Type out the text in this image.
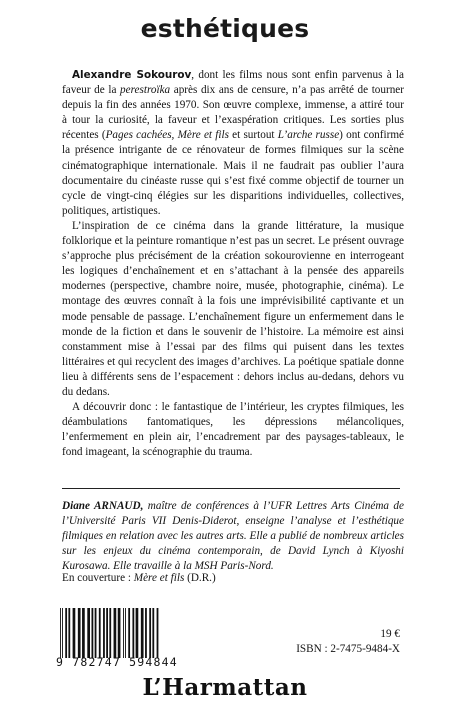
esthétiques

Alexandre Sokourov, dont les films nous sont enfin parvenus à la faveur de la perestroïka après dix ans de censure, n’a pas arrêté de tourner depuis la fin des années 1970. Son œuvre complexe, immense, a attiré tour à tour la curiosité, la faveur et l’exaspération critiques. Les sorties plus récentes (Pages cachées, Mère et fils et surtout L’arche russe) ont confirmé la présence intrigante de ce rénovateur de formes filmiques sur la scène cinématographique internationale. Mais il ne faudrait pas oublier l’aura documentaire du cinéaste russe qui s’est fixé comme objectif de tourner un cycle de vingt-cinq élégies sur les disparitions individuelles, collectives, politiques, artistiques.

L’inspiration de ce cinéma dans la grande littérature, la musique folklorique et la peinture romantique n’est pas un secret. Le présent ouvrage s’approche plus précisément de la création sokourovienne en interrogeant les logiques d’enchaînement et en s’attachant à la pensée des appareils modernes (perspective, chambre noire, musée, photographie, cinéma). Le montage des œuvres connaît à la fois une imprévisibilité captivante et un mode pensable de passage. L’enchaînement figure un enfermement dans le monde de la fiction et dans le souvenir de l’histoire. La mémoire est ainsi constamment mise à l’essai par des films qui puisent dans les textes littéraires et qui recyclent des images d’archives. La poétique spatiale donne lieu à différents sens de l’espacement : dehors inclus au-dedans, dehors vu du dedans.

A découvrir donc : le fantastique de l’intérieur, les cryptes filmiques, les déambulations fantomatiques, les dépressions mélancoliques, l’enfermement en plein air, l’encadrement par des paysages-tableaux, le fond imageant, la scénographie du trauma.

Diane ARNAUD, maître de conférences à l’UFR Lettres Arts Cinéma de l’Université Paris VII Denis-Diderot, enseigne l’analyse et l’esthétique filmiques en relation avec les autres arts. Elle a publié de nombreux articles sur les enjeux du cinéma contemporain, de David Lynch à Kiyoshi Kurosawa. Elle travaille à la MSH Paris-Nord.
En couverture : Mère et fils (D.R.)
9 782747 594844
19 €
ISBN : 2-7475-9484-X
L’Harmattan
